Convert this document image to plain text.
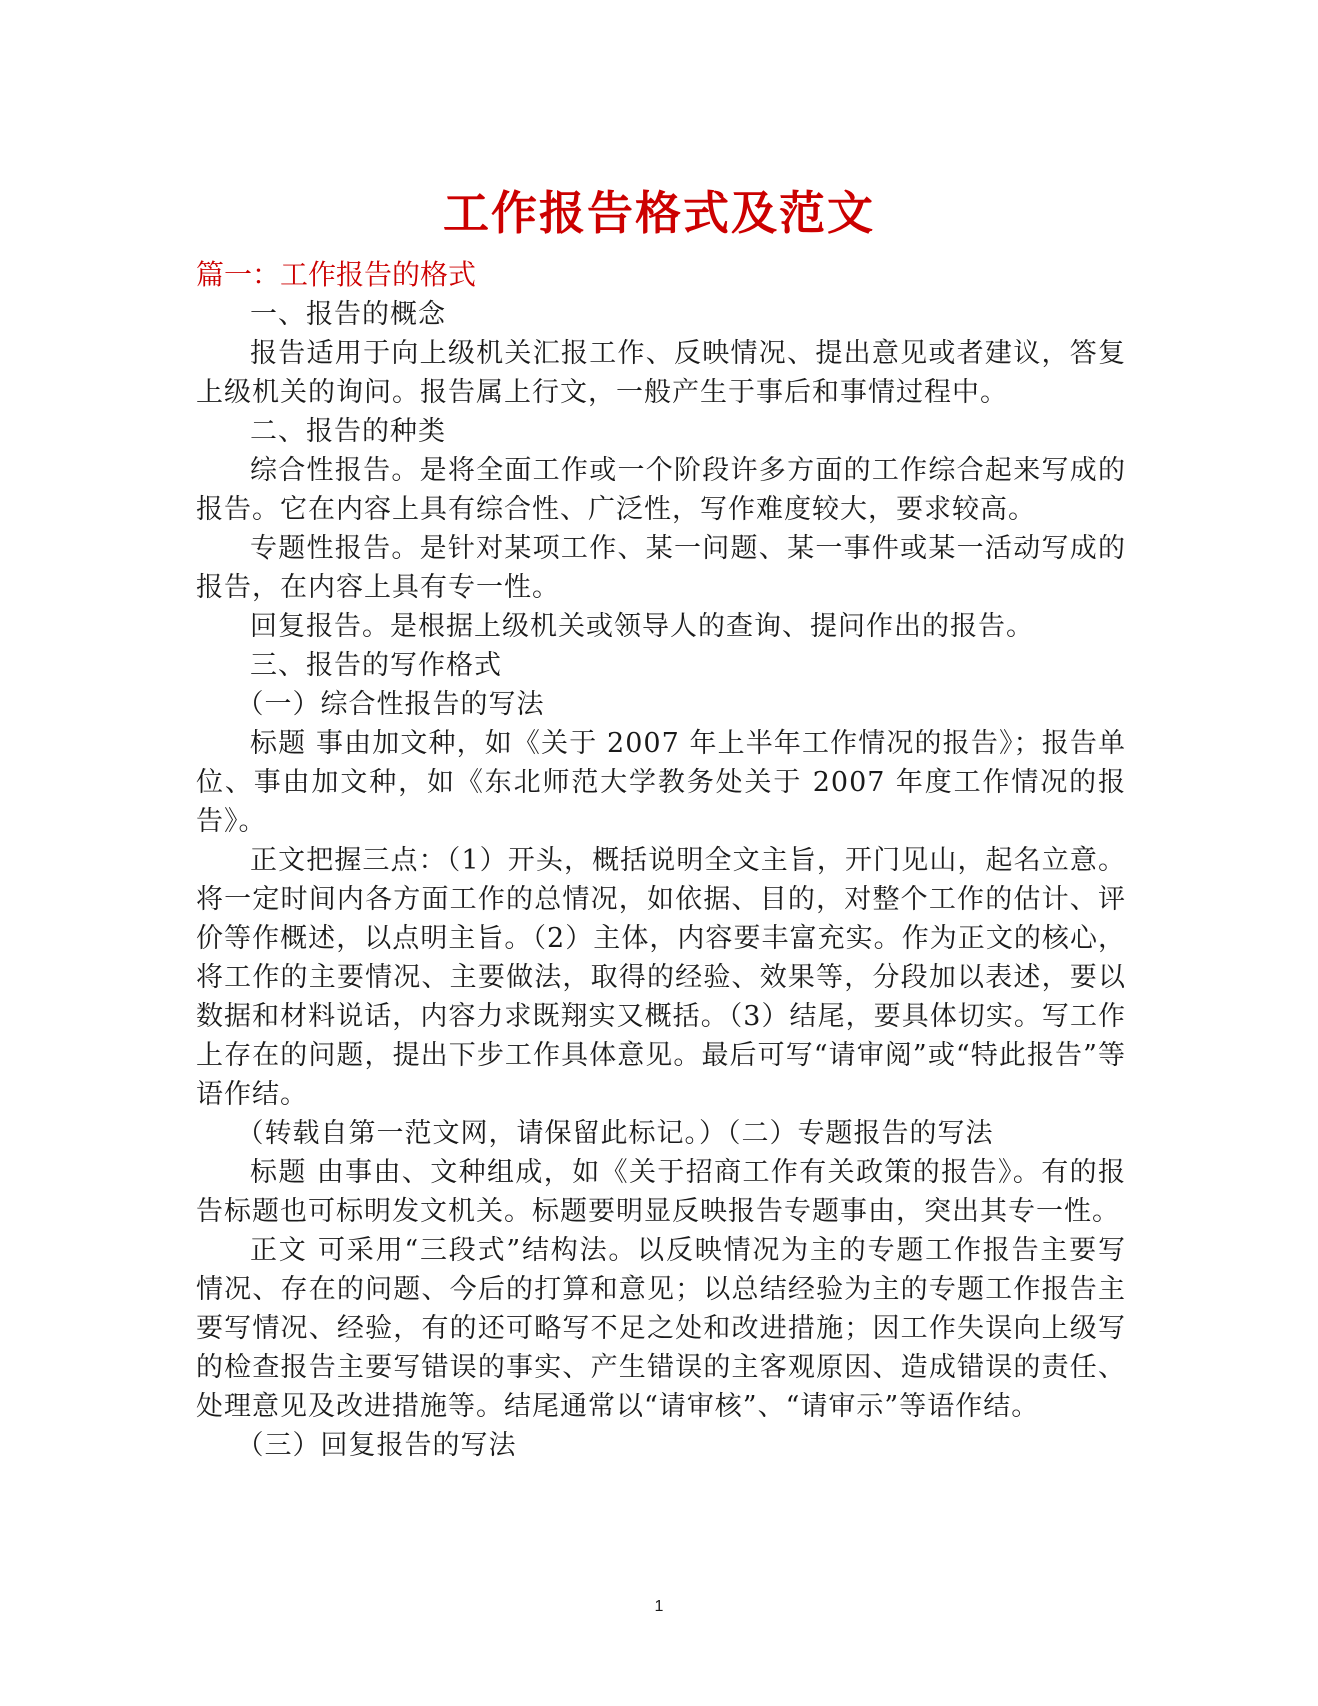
工作报告格式及范文
篇一：工作报告的格式

一、报告的概念

报告适用于向上级机关汇报工作、反映情况、提出意见或者建议，答复上级机关的询问。报告属上行文，一般产生于事后和事情过程中。

二、报告的种类

综合性报告。是将全面工作或一个阶段许多方面的工作综合起来写成的报告。它在内容上具有综合性、广泛性，写作难度较大，要求较高。

专题性报告。是针对某项工作、某一问题、某一事件或某一活动写成的报告，在内容上具有专一性。

回复报告。是根据上级机关或领导人的查询、提问作出的报告。

三、报告的写作格式

（一）综合性报告的写法

标题 事由加文种，如《关于 2007 年上半年工作情况的报告》；报告单位、事由加文种，如《东北师范大学教务处关于 2007 年度工作情况的报告》。

正文把握三点：（1）开头，概括说明全文主旨，开门见山，起名立意。将一定时间内各方面工作的总情况，如依据、目的，对整个工作的估计、评价等作概述，以点明主旨。（2）主体，内容要丰富充实。作为正文的核心，将工作的主要情况、主要做法，取得的经验、效果等，分段加以表述，要以数据和材料说话，内容力求既翔实又概括。（3）结尾，要具体切实。写工作上存在的问题，提出下步工作具体意见。最后可写“请审阅”或“特此报告”等语作结。

（转载自第一范文网，请保留此标记。）（二）专题报告的写法

标题 由事由、文种组成，如《关于招商工作有关政策的报告》。有的报告标题也可标明发文机关。标题要明显反映报告专题事由，突出其专一性。

正文 可采用“三段式”结构法。以反映情况为主的专题工作报告主要写情况、存在的问题、今后的打算和意见；以总结经验为主的专题工作报告主要写情况、经验，有的还可略写不足之处和改进措施；因工作失误向上级写的检查报告主要写错误的事实、产生错误的主客观原因、造成错误的责任、处理意见及改进措施等。结尾通常以“请审核”、“请审示”等语作结。

（三）回复报告的写法

1
